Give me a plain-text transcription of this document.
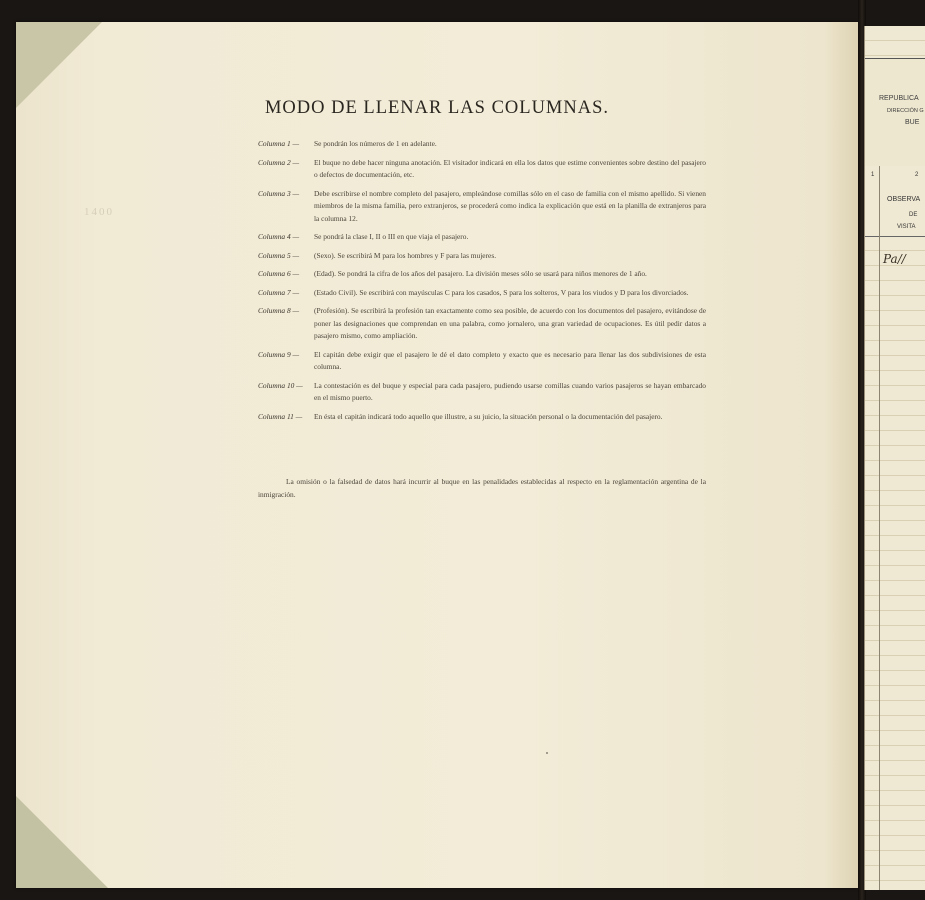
1400
MODO DE LLENAR LAS COLUMNAS.
Columna 1 —	Se pondrán los números de 1 en adelante.
Columna 2 —	El buque no debe hacer ninguna anotación. El visitador indicará en ella los datos que estime convenientes sobre destino del pasajero o defectos de documentación, etc.
Columna 3 —	Debe escribirse el nombre completo del pasajero, empleándose comillas sólo en el caso de familia con el mismo apellido. Si vienen miembros de la misma familia, pero extranjeros, se procederá como indica la explicación que está en la planilla de extranjeros para la columna 12.
Columna 4 —	Se pondrá la clase I, II o III en que viaja el pasajero.
Columna 5 —	(Sexo). Se escribirá M para los hombres y F para las mujeres.
Columna 6 —	(Edad). Se pondrá la cifra de los años del pasajero. La división meses sólo se usará para niños menores de 1 año.
Columna 7 —	(Estado Civil). Se escribirá con mayúsculas C para los casados, S para los solteros, V para los viudos y D para los divorciados.
Columna 8 —	(Profesión). Se escribirá la profesión tan exactamente como sea posible, de acuerdo con los documentos del pasajero, evitándose de poner las designaciones que comprendan en una palabra, como jornalero, una gran variedad de ocupaciones. Es útil pedir datos a pasajero mismo, como ampliación.
Columna 9 —	El capitán debe exigir que el pasajero le dé el dato completo y exacto que es necesario para llenar las dos subdivisiones de esta columna.
Columna 10 —	La contestación es del buque y especial para cada pasajero, pudiendo usarse comillas cuando varios pasajeros se hayan embarcado en el mismo puerto.
Columna 11 —	En ésta el capitán indicará todo aquello que illustre, a su juicio, la situación personal o la documentación del pasajero.
La omisión o la falsedad de datos hará incurrir al buque en las penalidades establecidas al respecto en la reglamentación argentina de la inmigración.
REPUBLICA
DIRECCIÓN G
BUE
1	2
OBSERVA
DE
VISITA
Pa//
